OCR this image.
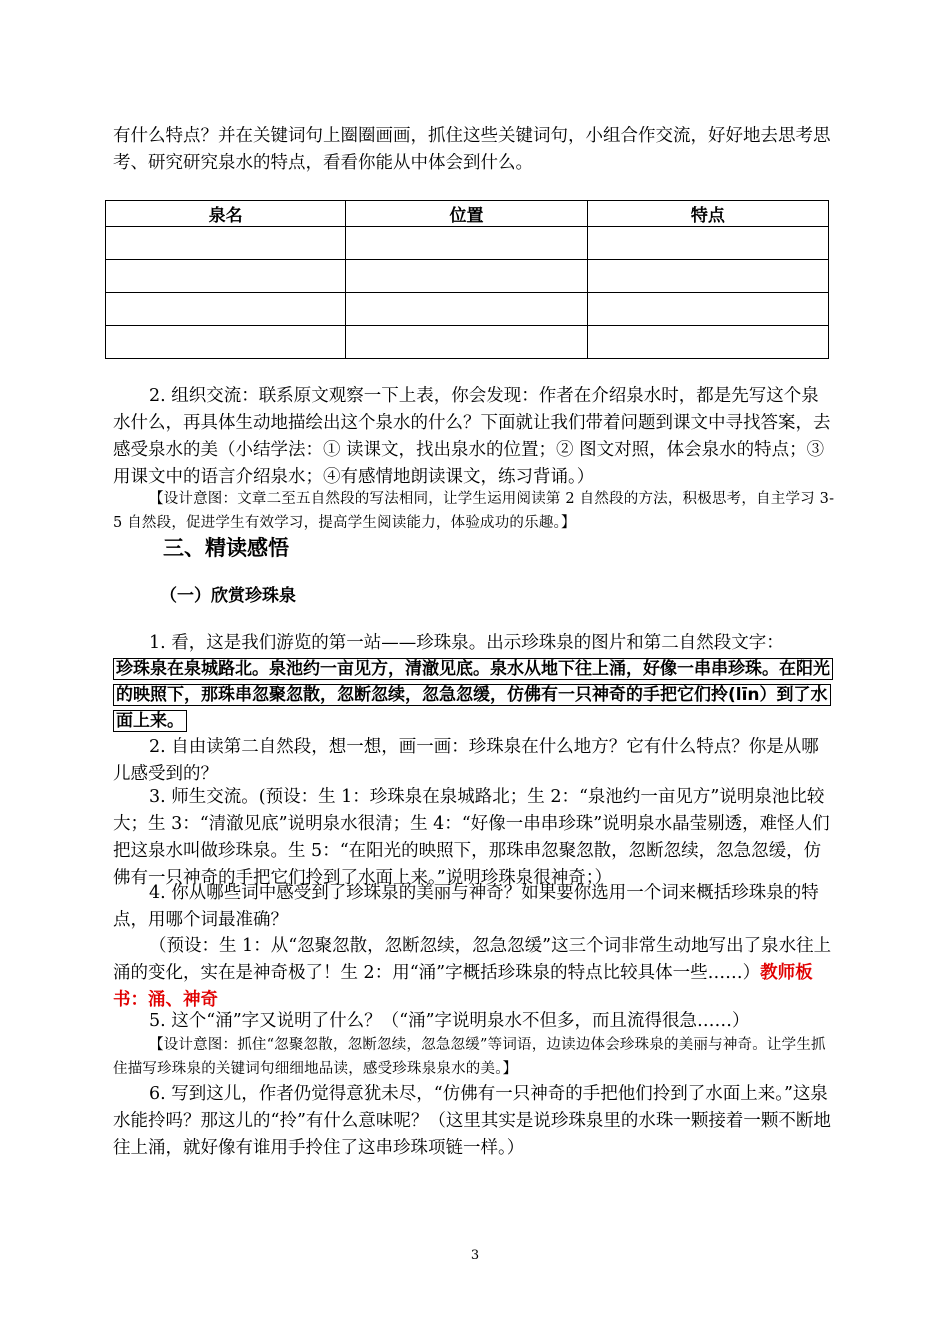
有什么特点？并在关键词句上圈圈画画，抓住这些关键词句，小组合作交流，好好地去思考思考、研究研究泉水的特点，看看你能从中体会到什么。

泉名	位置	特点

2. 组织交流：联系原文观察一下上表，你会发现：作者在介绍泉水时，都是先写这个泉水什么，再具体生动地描绘出这个泉水的什么？下面就让我们带着问题到课文中寻找答案，去感受泉水的美（小结学法：① 读课文，找出泉水的位置；② 图文对照，体会泉水的特点；③ 用课文中的语言介绍泉水；④有感情地朗读课文，练习背诵。）

【设计意图：文章二至五自然段的写法相同，让学生运用阅读第 2 自然段的方法，积极思考，自主学习 3-5 自然段，促进学生有效学习，提高学生阅读能力，体验成功的乐趣。】

三、精读感悟
（一）欣赏珍珠泉

1. 看，这是我们游览的第一站——珍珠泉。出示珍珠泉的图片和第二自然段文字：

珍珠泉在泉城路北。泉池约一亩见方，清澈见底。泉水从地下往上涌，好像一串串珍珠。在阳光的映照下，那珠串忽聚忽散，忽断忽续，忽急忽缓，仿佛有一只神奇的手把它们拎(līn）到了水面上来。

2. 自由读第二自然段，想一想，画一画：珍珠泉在什么地方？它有什么特点？你是从哪儿感受到的？

3. 师生交流。(预设：生 1：珍珠泉在泉城路北；生 2：“泉池约一亩见方”说明泉池比较大；生 3：“清澈见底”说明泉水很清；生 4：“好像一串串珍珠”说明泉水晶莹剔透，难怪人们把这泉水叫做珍珠泉。生 5：“在阳光的映照下，那珠串忽聚忽散，忽断忽续，忽急忽缓，仿佛有一只神奇的手把它们拎到了水面上来。”说明珍珠泉很神奇；）

4. 你从哪些词中感受到了珍珠泉的美丽与神奇？如果要你选用一个词来概括珍珠泉的特点，用哪个词最准确？

（预设：生 1：从“忽聚忽散，忽断忽续，忽急忽缓”这三个词非常生动地写出了泉水往上涌的变化，实在是神奇极了！生 2：用“涌”字概括珍珠泉的特点比较具体一些……）教师板书：涌、神奇

5. 这个“涌”字又说明了什么？（“涌”字说明泉水不但多，而且流得很急……）

【设计意图：抓住“忽聚忽散，忽断忽续，忽急忽缓”等词语，边读边体会珍珠泉的美丽与神奇。让学生抓住描写珍珠泉的关键词句细细地品读，感受珍珠泉泉水的美。】

6. 写到这儿，作者仍觉得意犹未尽，“仿佛有一只神奇的手把他们拎到了水面上来。”这泉水能拎吗？那这儿的“拎”有什么意味呢？（这里其实是说珍珠泉里的水珠一颗接着一颗不断地往上涌，就好像有谁用手拎住了这串珍珠项链一样。）

3
